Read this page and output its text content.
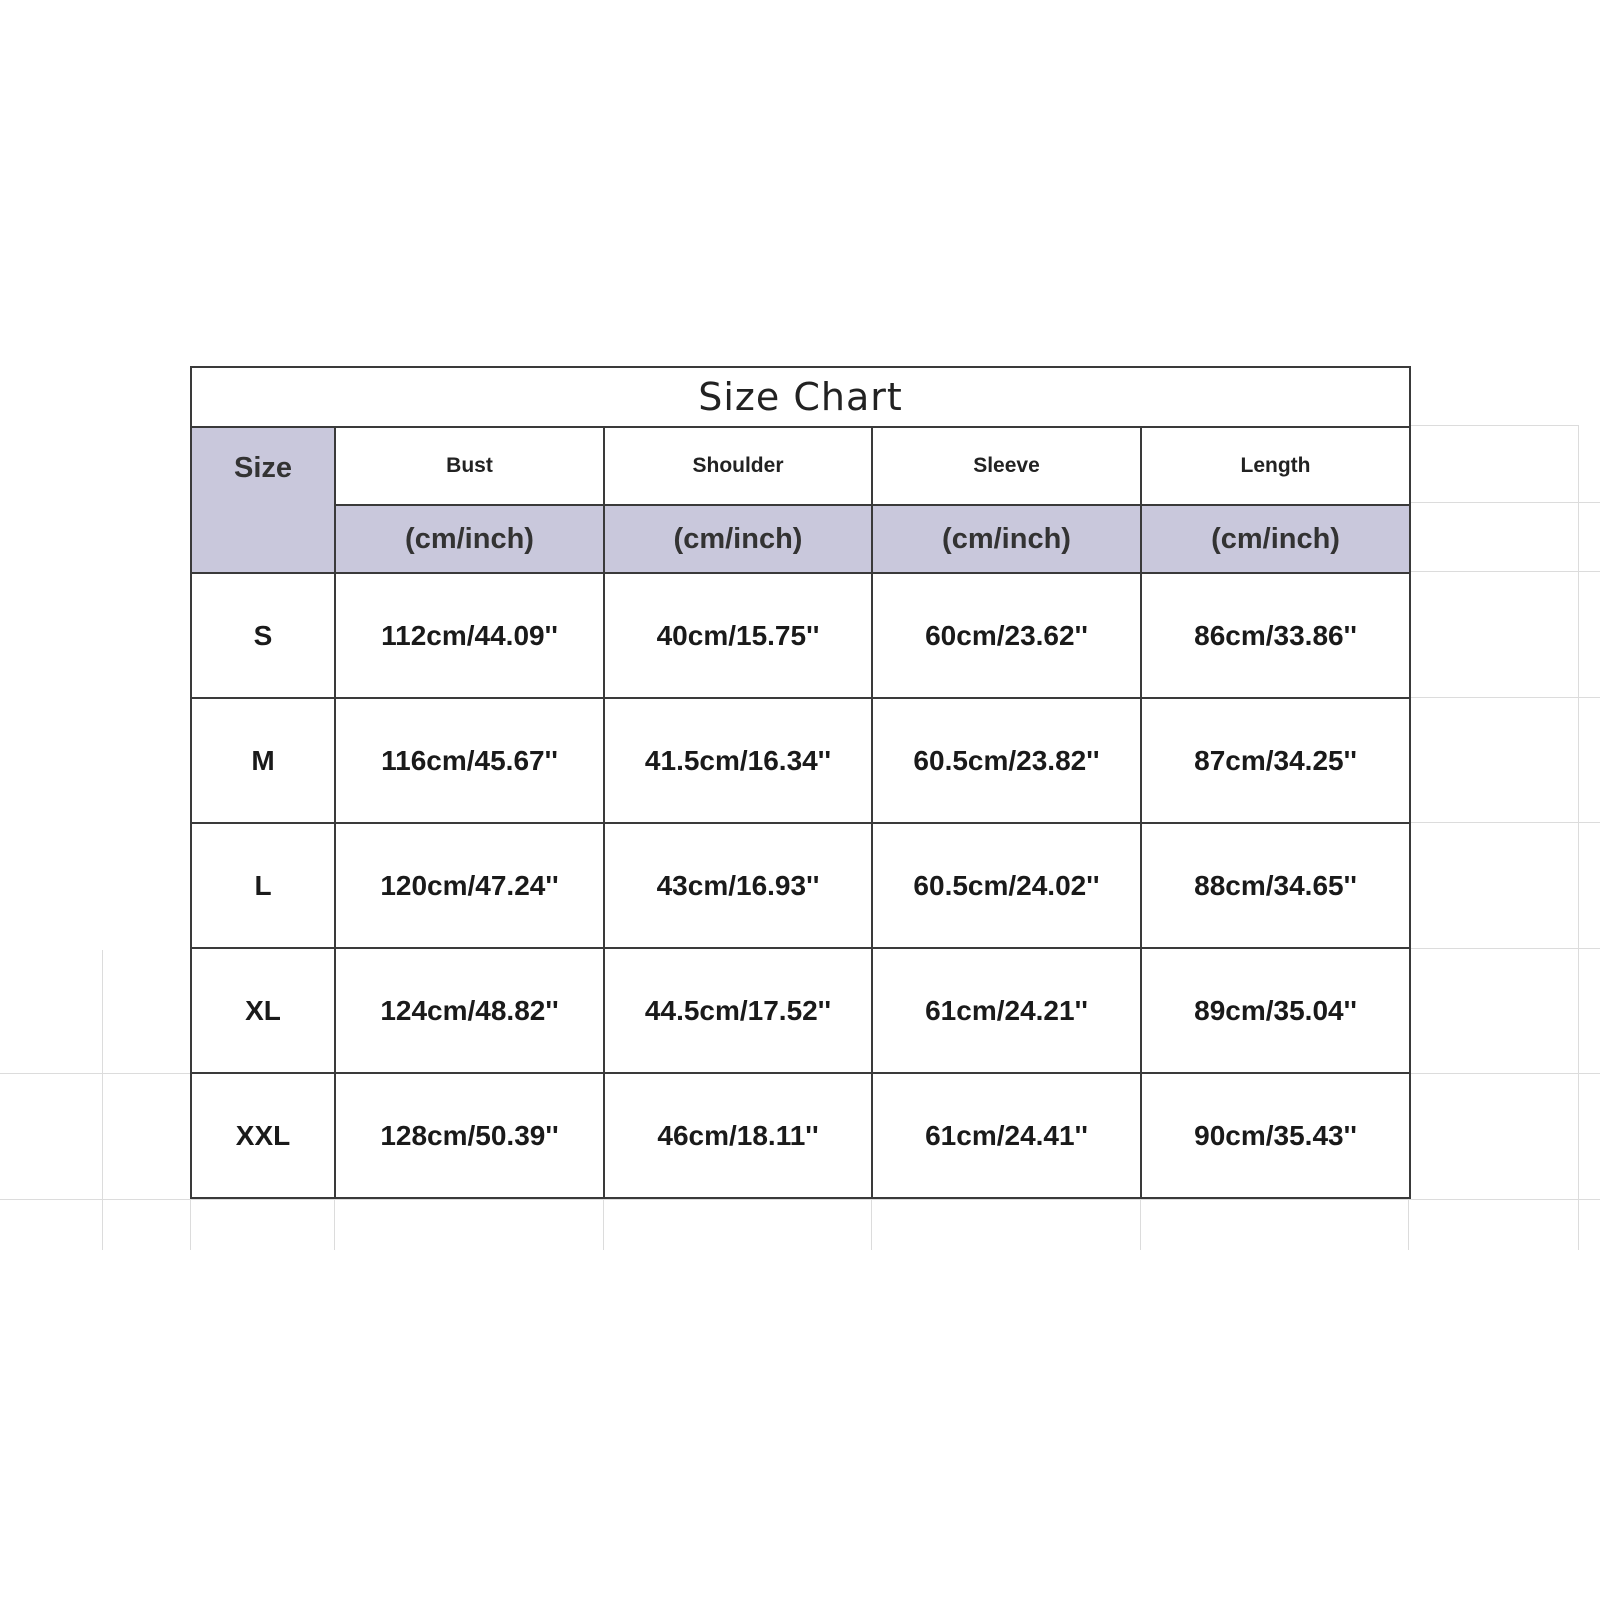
Size Chart				
Size	Bust	Shoulder	Sleeve	Length
	(cm/inch)	(cm/inch)	(cm/inch)	(cm/inch)
S	112cm/44.09''	40cm/15.75''	60cm/23.62''	86cm/33.86''
M	116cm/45.67''	41.5cm/16.34''	60.5cm/23.82''	87cm/34.25''
L	120cm/47.24''	43cm/16.93''	60.5cm/24.02''	88cm/34.65''
XL	124cm/48.82''	44.5cm/17.52''	61cm/24.21''	89cm/35.04''
XXL	128cm/50.39''	46cm/18.11''	61cm/24.41''	90cm/35.43''
